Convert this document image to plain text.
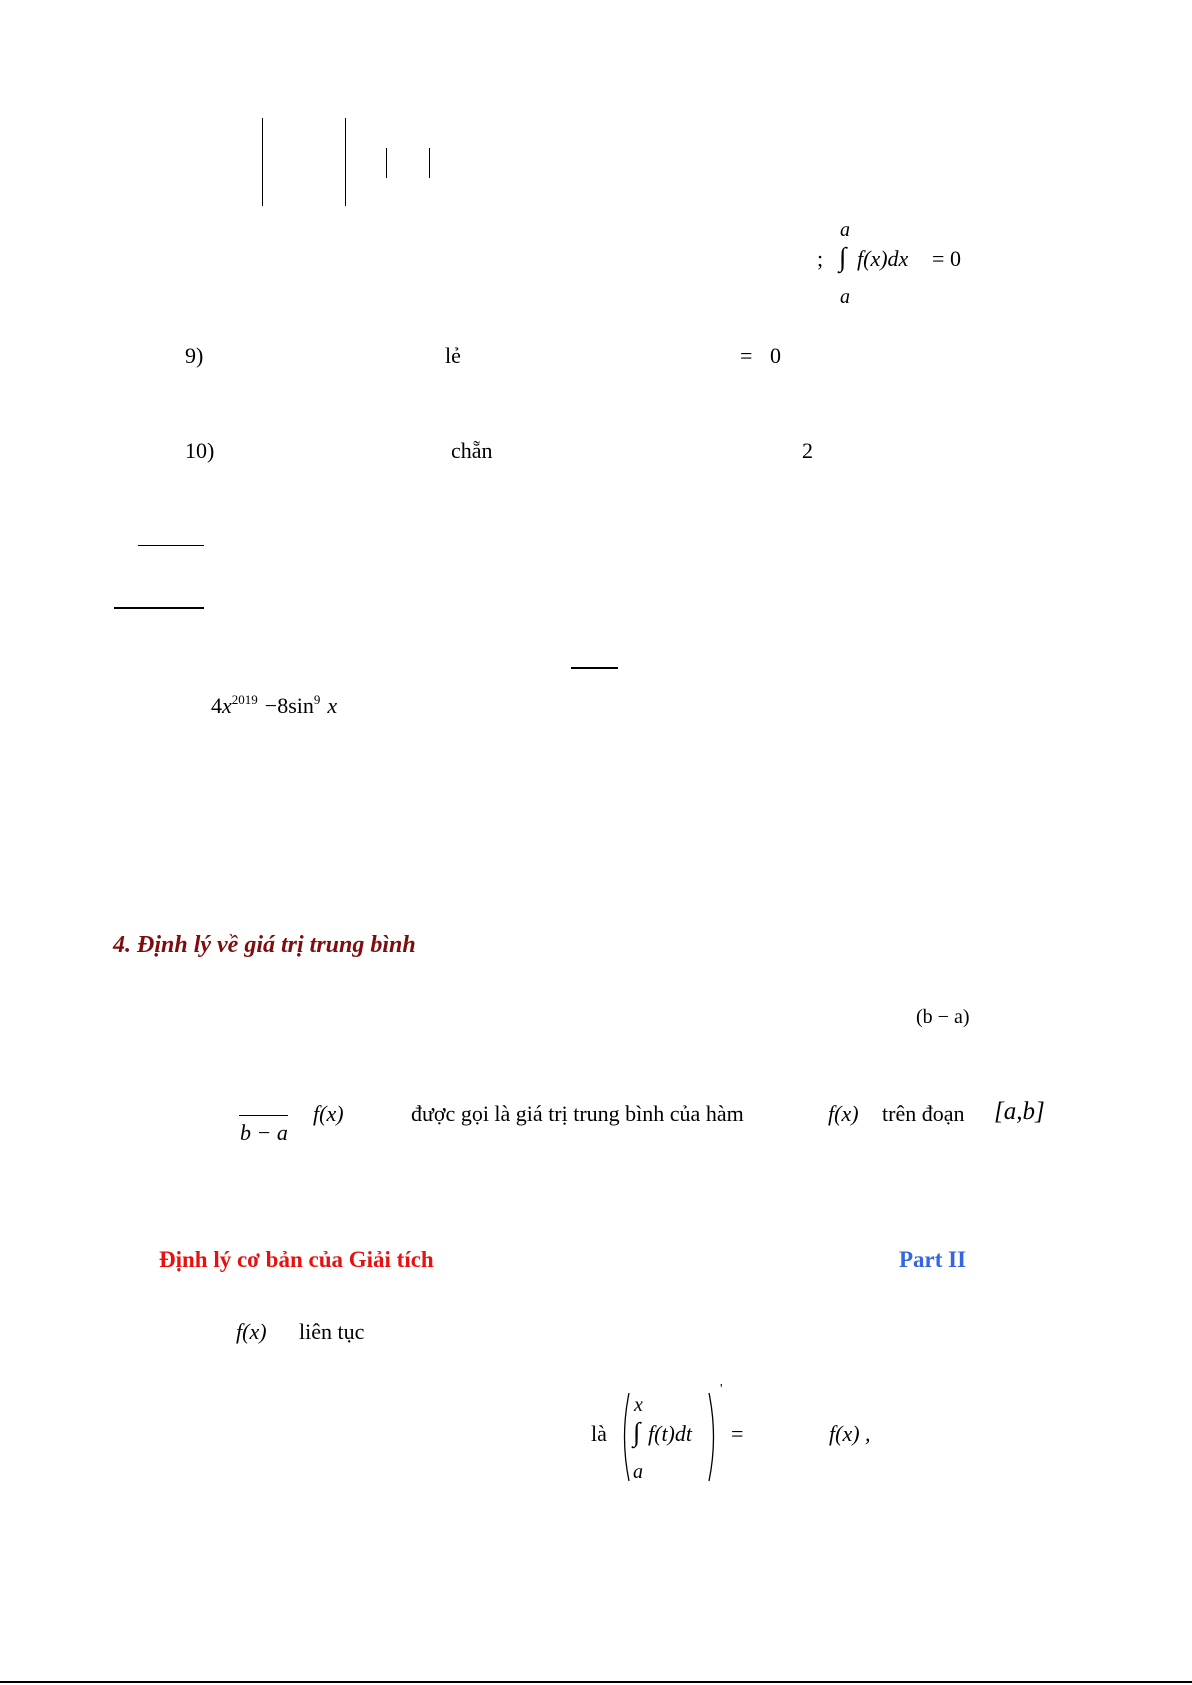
;
a
∫ f(x)dx = 0
a
9)	lẻ	= 0
10)	chẵn	2
$4x^{2019} -8\sin^9$ x
4. Định lý về giá trị trung bình
(b − a)
b − a
f(x)	được gọi là giá trị trung bình của hàm	f(x) trên đoạn [a,b]
Định lý cơ bản của Giải tích	Part II
f(x) liên tục
là
x
∫ f(t)dt
a
'
=	f(x) ,
